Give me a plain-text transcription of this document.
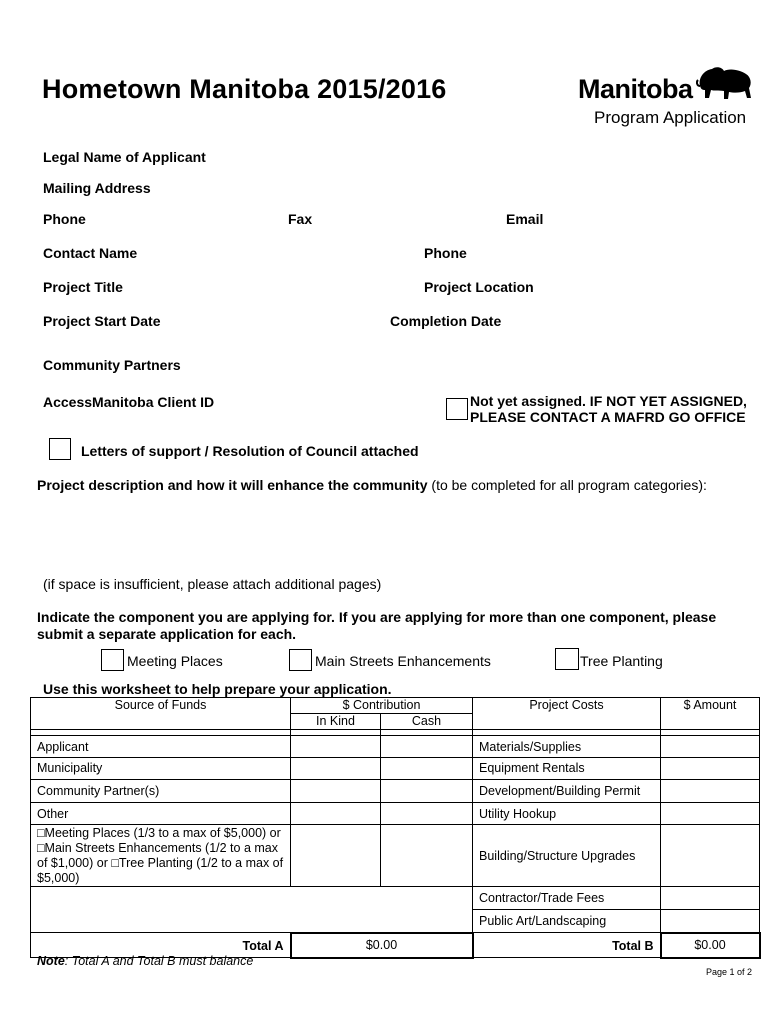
Hometown Manitoba 2015/2016	Manitoba
Program Application
Legal Name of Applicant
Mailing Address
Phone	Fax	Email
Contact Name	Phone
Project Title	Project Location
Project Start Date	Completion Date
Community Partners
AccessManitoba Client ID	Not yet assigned. IF NOT YET ASSIGNED,
PLEASE CONTACT A MAFRD GO OFFICE
Letters of support / Resolution of Council attached
Project description and how it will enhance the community (to be completed for all program categories):
(if space is insufficient, please attach additional pages)
Indicate the component you are applying for. If you are applying for more than one component, please
submit a separate application for each.
Meeting Places	Main Streets Enhancements	Tree Planting
Use this worksheet to help prepare your application.
Source of Funds	$ Contribution		Project Costs	$ Amount
	In Kind	Cash		

Applicant			Materials/Supplies	
Municipality			Equipment Rentals	
Community Partner(s)			Development/Building Permit	
Other			Utility Hookup	
□Meeting Places (1/3 to a max of $5,000) or □Main Streets Enhancements (1/2 to a max of $1,000) or □Tree Planting (1/2 to a max of $5,000)			Building/Structure Upgrades	
			Contractor/Trade Fees	
			Public Art/Landscaping	
Total A	$0.00		Total B	$0.00
Note: Total A and Total B must balance
Page 1 of 2
